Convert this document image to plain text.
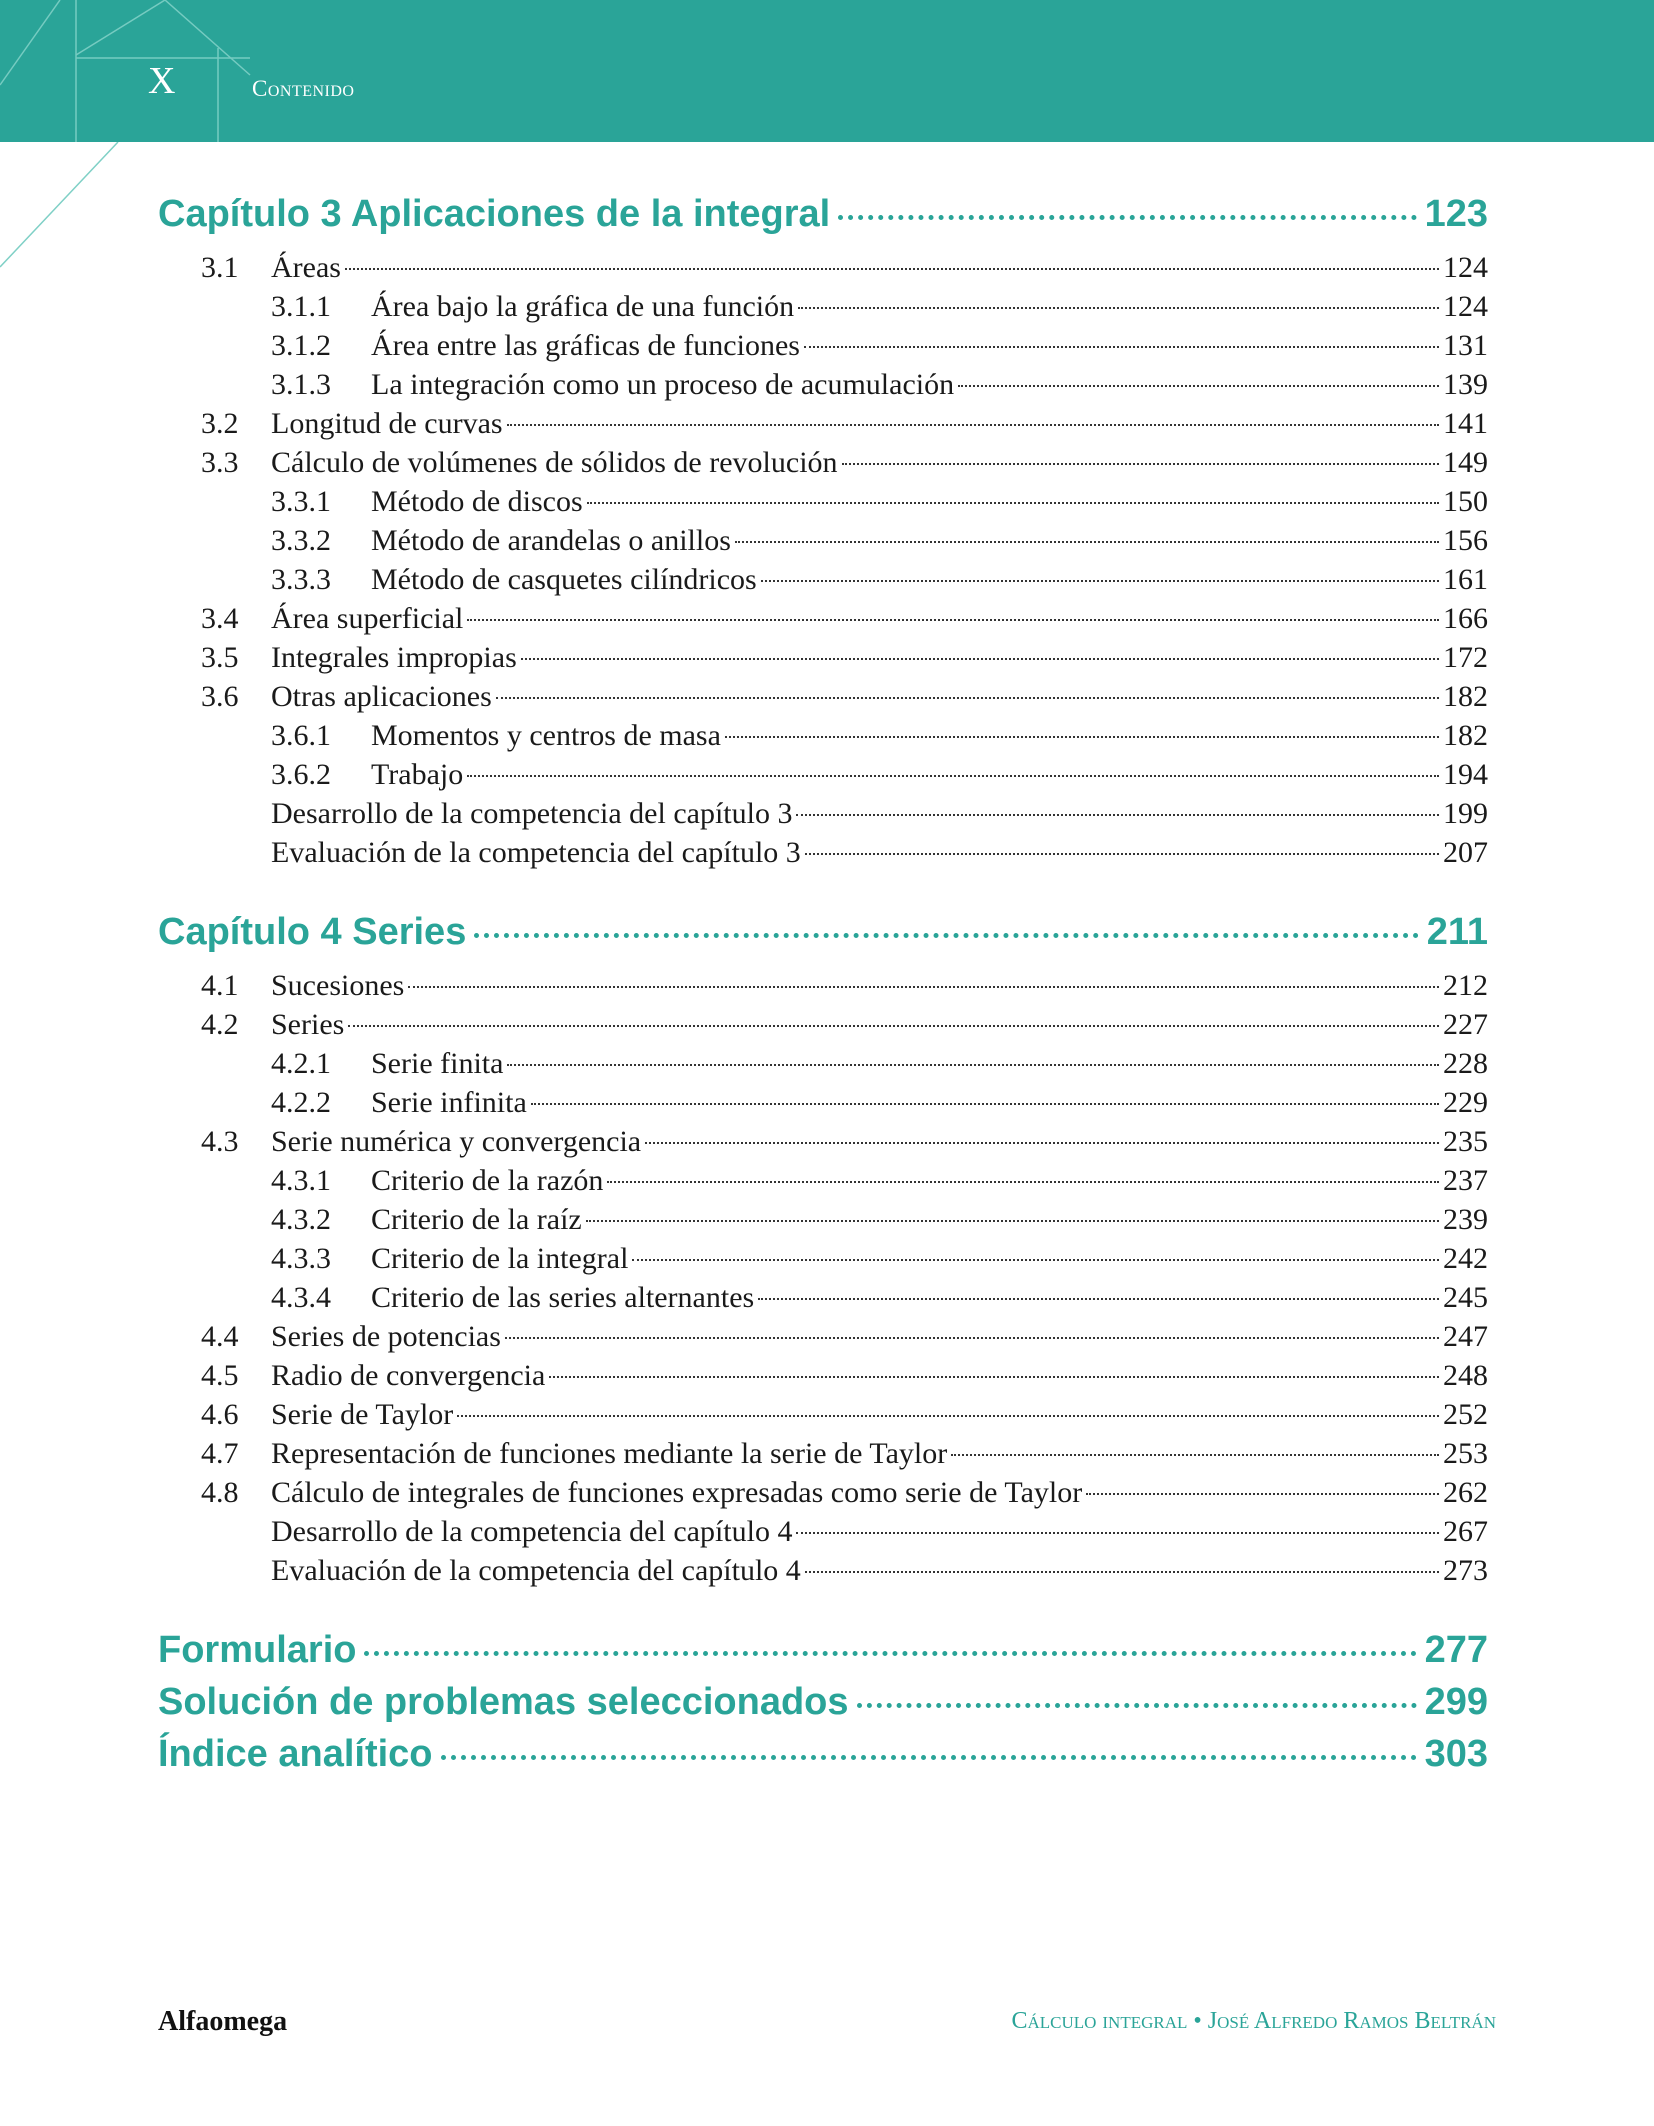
X	Contenido
Capítulo 3 Aplicaciones de la integral	123
3.1	Áreas	124
3.1.1	Área bajo la gráfica de una función	124
3.1.2	Área entre las gráficas de funciones	131
3.1.3	La integración como un proceso de acumulación	139
3.2	Longitud de curvas	141
3.3	Cálculo de volúmenes de sólidos de revolución	149
3.3.1	Método de discos	150
3.3.2	Método de arandelas o anillos	156
3.3.3	Método de casquetes cilíndricos	161
3.4	Área superficial	166
3.5	Integrales impropias	172
3.6	Otras aplicaciones	182
3.6.1	Momentos y centros de masa	182
3.6.2	Trabajo	194
Desarrollo de la competencia del capítulo 3	199
Evaluación de la competencia del capítulo 3	207
Capítulo 4 Series	211
4.1	Sucesiones	212
4.2	Series	227
4.2.1	Serie finita	228
4.2.2	Serie infinita	229
4.3	Serie numérica y convergencia	235
4.3.1	Criterio de la razón	237
4.3.2	Criterio de la raíz	239
4.3.3	Criterio de la integral	242
4.3.4	Criterio de las series alternantes	245
4.4	Series de potencias	247
4.5	Radio de convergencia	248
4.6	Serie de Taylor	252
4.7	Representación de funciones mediante la serie de Taylor	253
4.8	Cálculo de integrales de funciones expresadas como serie de Taylor	262
Desarrollo de la competencia del capítulo 4	267
Evaluación de la competencia del capítulo 4	273
Formulario	277
Solución de problemas seleccionados	299
Índice analítico	303
Alfaomega	Cálculo integral • José Alfredo Ramos Beltrán
